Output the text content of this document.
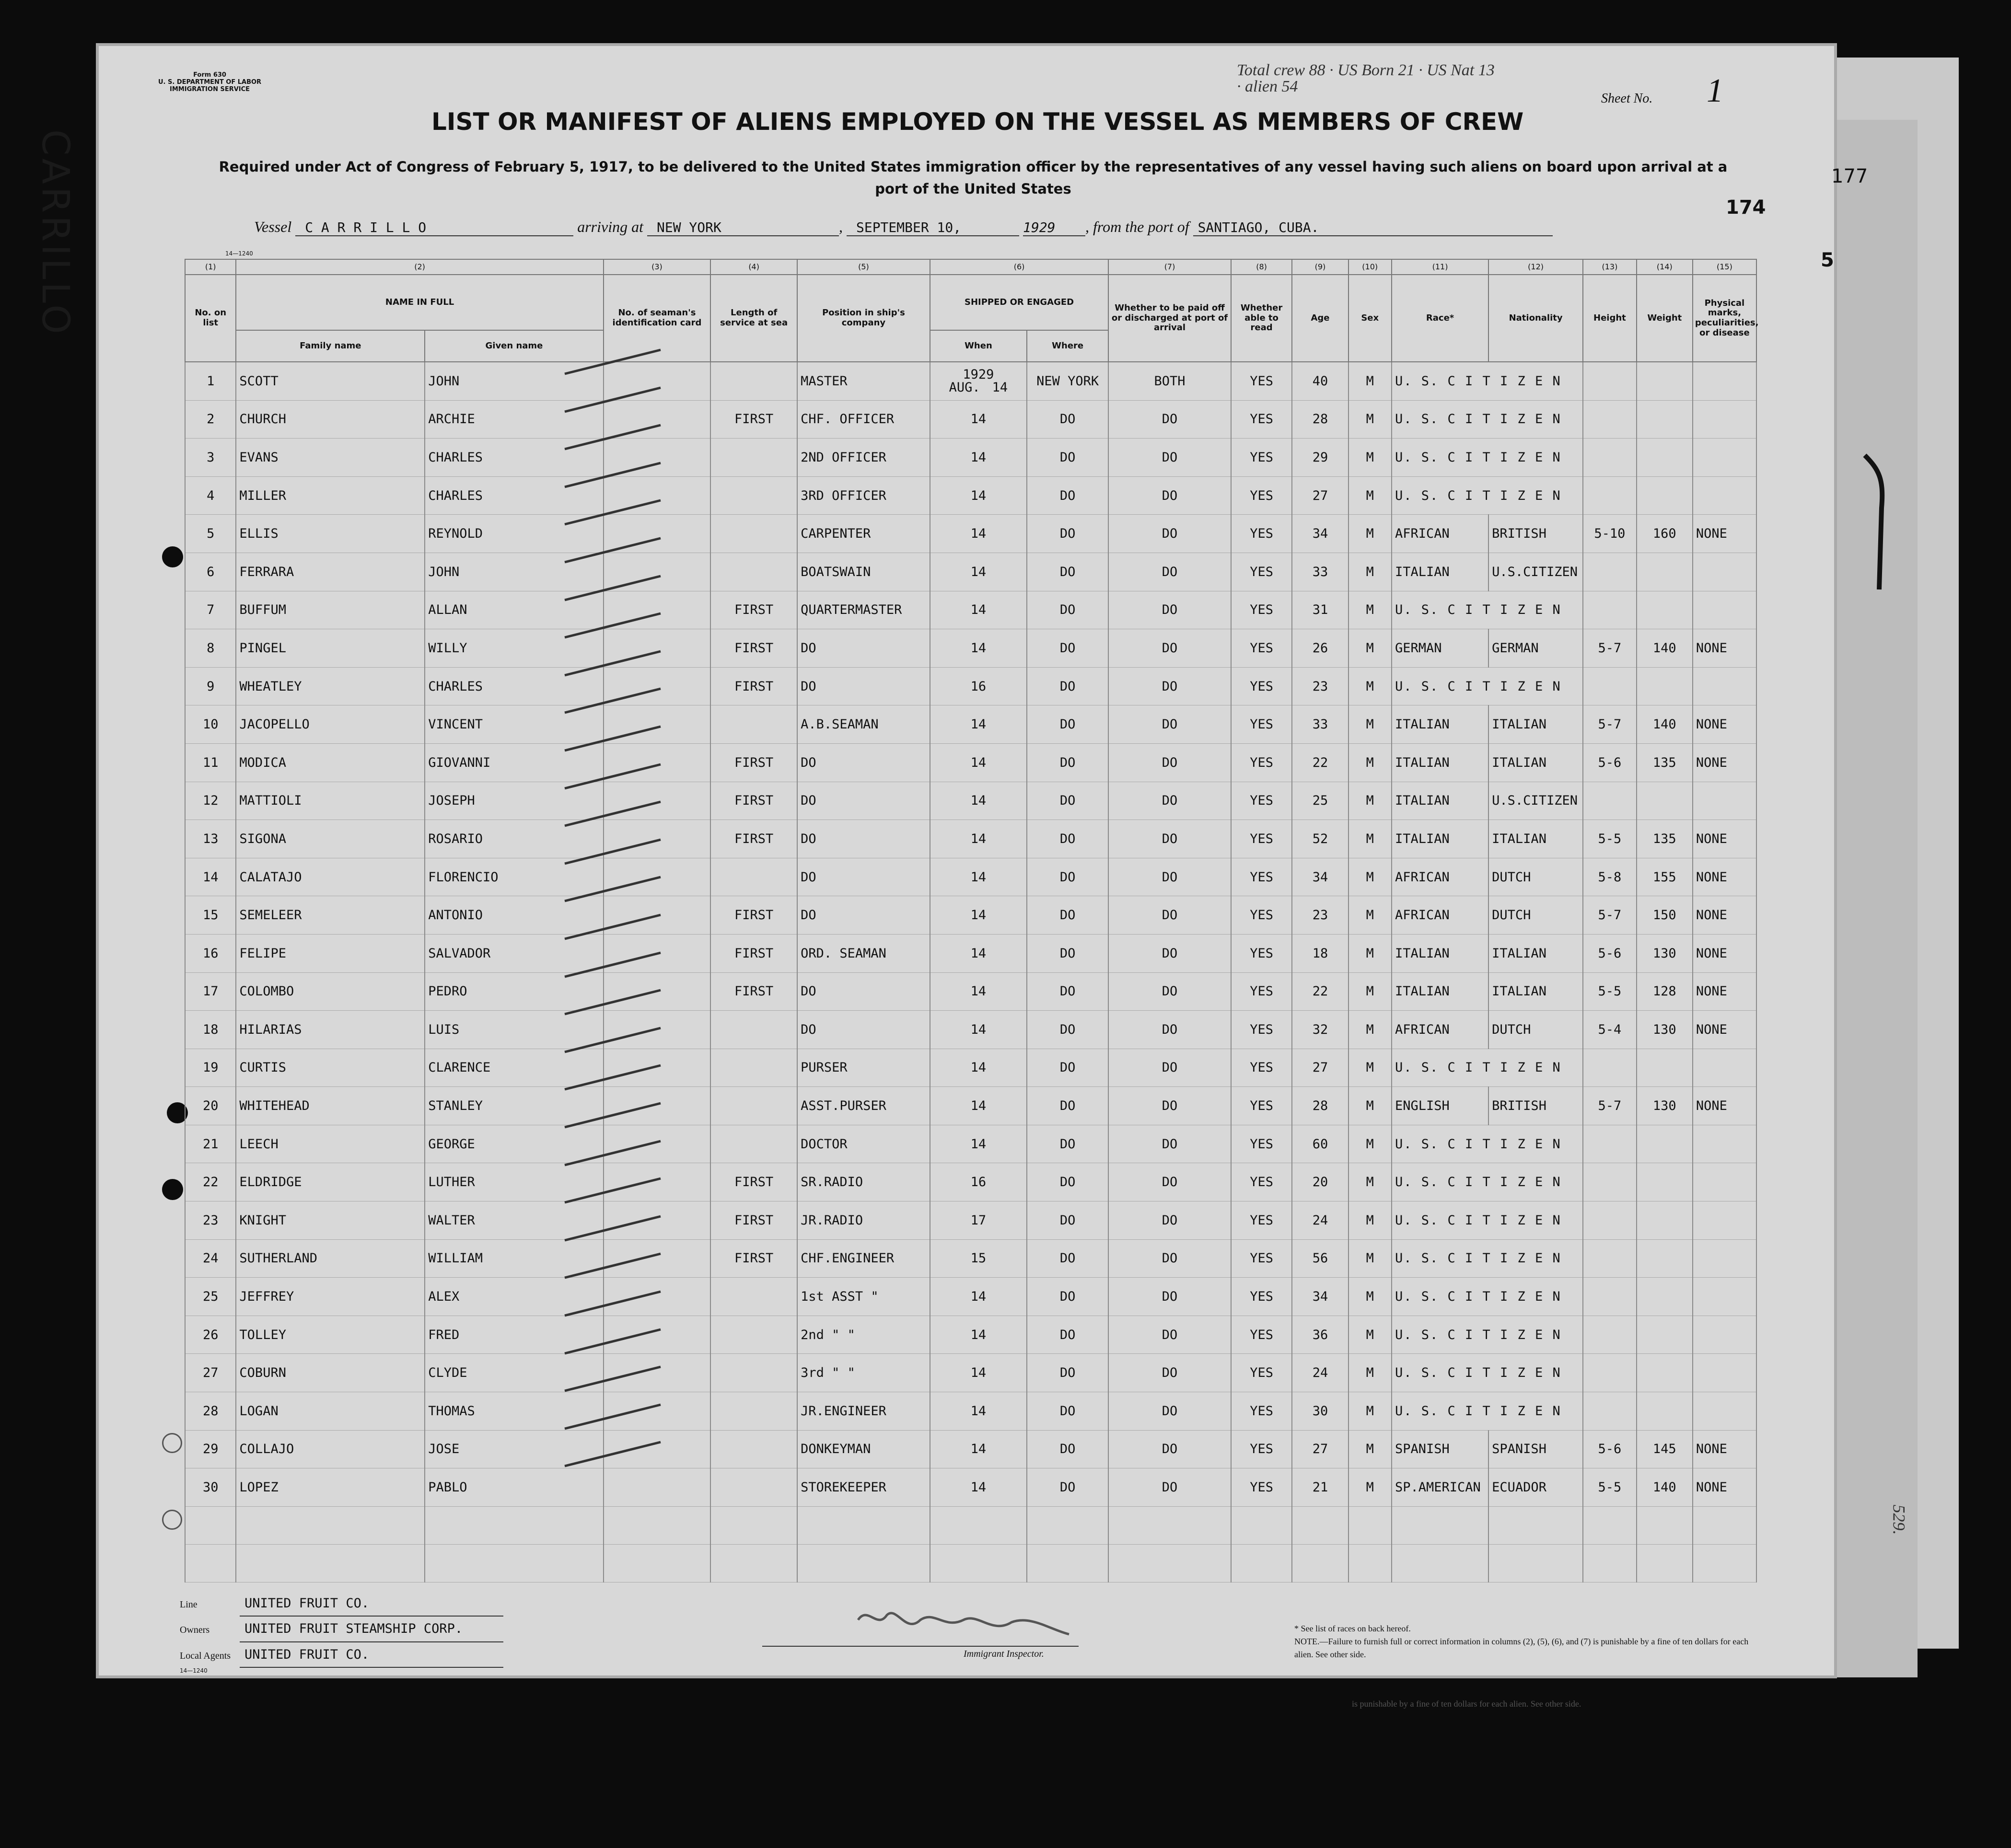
CARRILLO
Form 630
U. S. DEPARTMENT OF LABOR
IMMIGRATION SERVICE
Total crew 88 · US Born 21 · US Nat 13 · alien 54
Sheet No. 1
LIST OR MANIFEST OF ALIENS EMPLOYED ON THE VESSEL AS MEMBERS OF CREW
Required under Act of Congress of February 5, 1917, to be delivered to the United States immigration officer by the representatives of any vessel having such aliens on board upon arrival at a
port of the United States
174
177
5
Vessel C A R R I L L O	arriving at NEW YORK	, SEPTEMBER 10,	1929 , from the port of SANTIAGO, CUBA.
14—1240
(1)	(2)		(3)	(4)	(5)	(6)		(7)	(8)	(9)	(10)	(11)	(12)	(13)	(14)	(15)
No. on list	NAME IN FULL		No. of seaman's identification card	Length of service at sea	Position in ship's company	SHIPPED OR ENGAGED		Whether to be paid off or discharged at port of arrival	Whether able to read	Age	Sex	Race*	Nationality	Height	Weight	Physical marks, peculiarities, or disease
	Family name	Given name				When	Where									
1	SCOTT	JOHN			MASTER	1929
AUG. 14	NEW YORK	BOTH	YES	40	M	U. S. C I T I Z E N				
2	CHURCH	ARCHIE		FIRST	CHF. OFFICER	14	DO	DO	YES	28	M	U. S. C I T I Z E N				
3	EVANS	CHARLES			2ND OFFICER	14	DO	DO	YES	29	M	U. S. C I T I Z E N				
4	MILLER	CHARLES			3RD OFFICER	14	DO	DO	YES	27	M	U. S. C I T I Z E N				
5	ELLIS	REYNOLD			CARPENTER	14	DO	DO	YES	34	M	AFRICAN	BRITISH	5-10	160	NONE
6	FERRARA	JOHN			BOATSWAIN	14	DO	DO	YES	33	M	ITALIAN	U.S.CITIZEN			
7	BUFFUM	ALLAN		FIRST	QUARTERMASTER	14	DO	DO	YES	31	M	U. S. C I T I Z E N				
8	PINGEL	WILLY		FIRST	DO	14	DO	DO	YES	26	M	GERMAN	GERMAN	5-7	140	NONE
9	WHEATLEY	CHARLES		FIRST	DO	16	DO	DO	YES	23	M	U. S. C I T I Z E N				
10	JACOPELLO	VINCENT			A.B.SEAMAN	14	DO	DO	YES	33	M	ITALIAN	ITALIAN	5-7	140	NONE
11	MODICA	GIOVANNI		FIRST	DO	14	DO	DO	YES	22	M	ITALIAN	ITALIAN	5-6	135	NONE
12	MATTIOLI	JOSEPH		FIRST	DO	14	DO	DO	YES	25	M	ITALIAN	U.S.CITIZEN			
13	SIGONA	ROSARIO		FIRST	DO	14	DO	DO	YES	52	M	ITALIAN	ITALIAN	5-5	135	NONE
14	CALATAJO	FLORENCIO			DO	14	DO	DO	YES	34	M	AFRICAN	DUTCH	5-8	155	NONE
15	SEMELEER	ANTONIO		FIRST	DO	14	DO	DO	YES	23	M	AFRICAN	DUTCH	5-7	150	NONE
16	FELIPE	SALVADOR		FIRST	ORD. SEAMAN	14	DO	DO	YES	18	M	ITALIAN	ITALIAN	5-6	130	NONE
17	COLOMBO	PEDRO		FIRST	DO	14	DO	DO	YES	22	M	ITALIAN	ITALIAN	5-5	128	NONE
18	HILARIAS	LUIS			DO	14	DO	DO	YES	32	M	AFRICAN	DUTCH	5-4	130	NONE
19	CURTIS	CLARENCE			PURSER	14	DO	DO	YES	27	M	U. S. C I T I Z E N				
20	WHITEHEAD	STANLEY			ASST.PURSER	14	DO	DO	YES	28	M	ENGLISH	BRITISH	5-7	130	NONE
21	LEECH	GEORGE			DOCTOR	14	DO	DO	YES	60	M	U. S. C I T I Z E N				
22	ELDRIDGE	LUTHER		FIRST	SR.RADIO	16	DO	DO	YES	20	M	U. S. C I T I Z E N				
23	KNIGHT	WALTER		FIRST	JR.RADIO	17	DO	DO	YES	24	M	U. S. C I T I Z E N				
24	SUTHERLAND	WILLIAM		FIRST	CHF.ENGINEER	15	DO	DO	YES	56	M	U. S. C I T I Z E N				
25	JEFFREY	ALEX			1st ASST "	14	DO	DO	YES	34	M	U. S. C I T I Z E N				
26	TOLLEY	FRED			2nd " "	14	DO	DO	YES	36	M	U. S. C I T I Z E N				
27	COBURN	CLYDE			3rd " "	14	DO	DO	YES	24	M	U. S. C I T I Z E N				
28	LOGAN	THOMAS			JR.ENGINEER	14	DO	DO	YES	30	M	U. S. C I T I Z E N				
29	COLLAJO	JOSE			DONKEYMAN	14	DO	DO	YES	27	M	SPANISH	SPANISH	5-6	145	NONE
30	LOPEZ	PABLO			STOREKEEPER	14	DO	DO	YES	21	M	SP.AMERICAN	ECUADOR	5-5	140	NONE

Line	UNITED FRUIT CO.
Owners	UNITED FRUIT STEAMSHIP CORP.
Local Agents UNITED FRUIT CO.
14—1240
Immigrant Inspector.
* See list of races on back hereof.
NOTE.—Failure to furnish full or correct information in columns (2), (5), (6), and (7) is punishable by a fine of ten dollars for each alien. See other side.
is punishable by a fine of ten dollars for each alien. See other side.
529.
